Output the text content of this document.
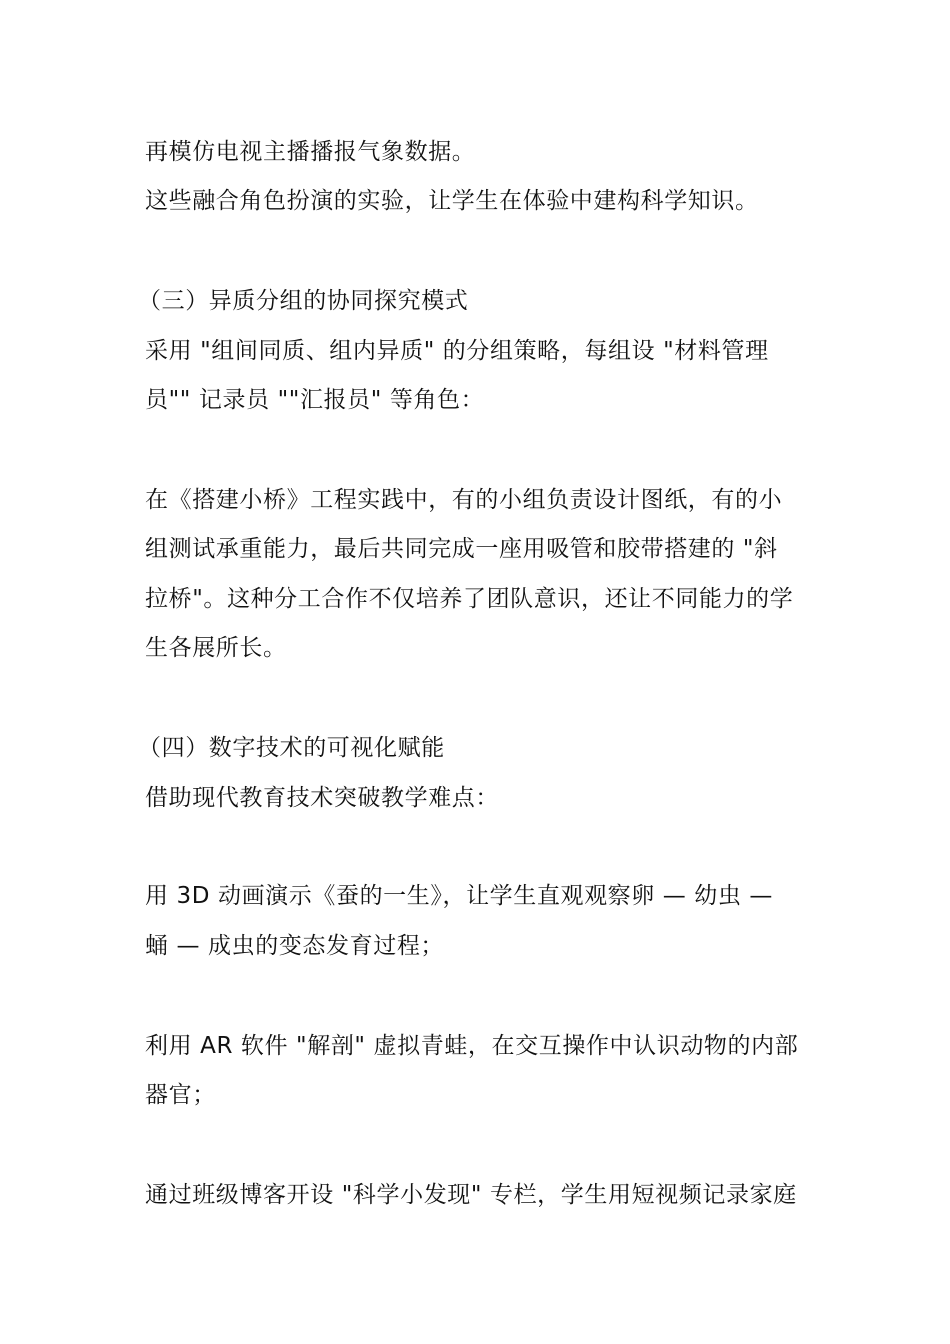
再模仿电视主播播报气象数据。
这些融合角色扮演的实验，让学生在体验中建构科学知识。
（三）异质分组的协同探究模式
采用 "组间同质、组内异质" 的分组策略，每组设 "材料管理
员"" 记录员 ""汇报员" 等角色：
在《搭建小桥》工程实践中，有的小组负责设计图纸，有的小
组测试承重能力，最后共同完成一座用吸管和胶带搭建的 "斜
拉桥"。这种分工合作不仅培养了团队意识，还让不同能力的学
生各展所长。
（四）数字技术的可视化赋能
借助现代教育技术突破教学难点：
用 3D 动画演示《蚕的一生》，让学生直观观察卵 — 幼虫 —
蛹 — 成虫的变态发育过程；
利用 AR 软件 "解剖" 虚拟青蛙，在交互操作中认识动物的内部
器官；
通过班级博客开设 "科学小发现" 专栏，学生用短视频记录家庭
